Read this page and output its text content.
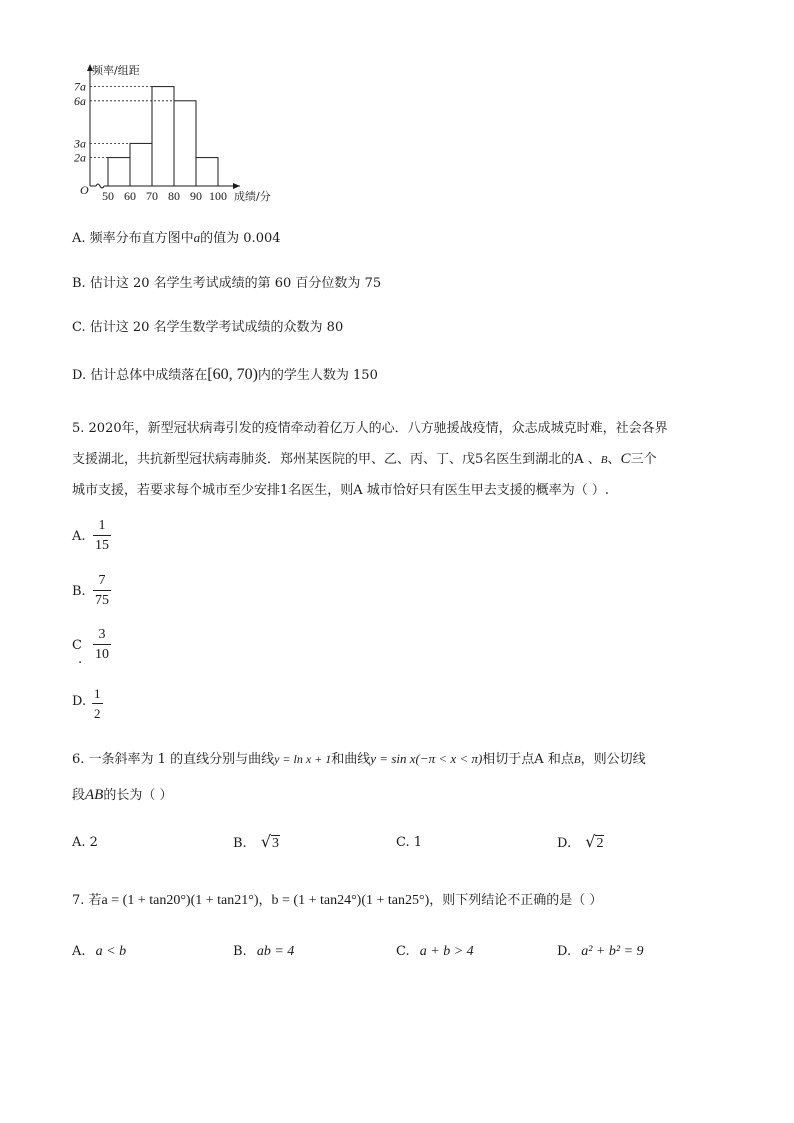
2a
3a
6a
7a
50 60 70 80 90 100
O
频率/组距
成绩/分
A. 频率分布直方图中a的值为 0.004
B. 估计这 20 名学生考试成绩的第 60 百分位数为 75
C. 估计这 20 名学生数学考试成绩的众数为 80
D. 估计总体中成绩落在[60, 70)内的学生人数为 150
5. 2020年，新型冠状病毒引发的疫情牵动着亿万人的心．八方驰援战疫情，众志成城克时难，社会各界
支援湖北，共抗新型冠状病毒肺炎．郑州某医院的甲、乙、丙、丁、戊5名医生到湖北的A 、B、C三个
城市支援，若要求每个城市至少安排1名医生，则A 城市恰好只有医生甲去支援的概率为（ ）.
A.
1
15
B.
7
75
C
.
3
10
D.
1
2
6. 一条斜率为 1 的直线分别与曲线y = ln x + 1和曲线y = sin x(−π < x < π)相切于点A 和点B，则公切线
段AB的长为（ ）
A. 2	B. √3	C. 1	D. √2
7. 若a = (1 + tan20°)(1 + tan21°)，b = (1 + tan24°)(1 + tan25°)，则下列结论不正确的是（ ）
A. a < b	B. ab = 4	C. a + b > 4	D. a² + b² = 9
